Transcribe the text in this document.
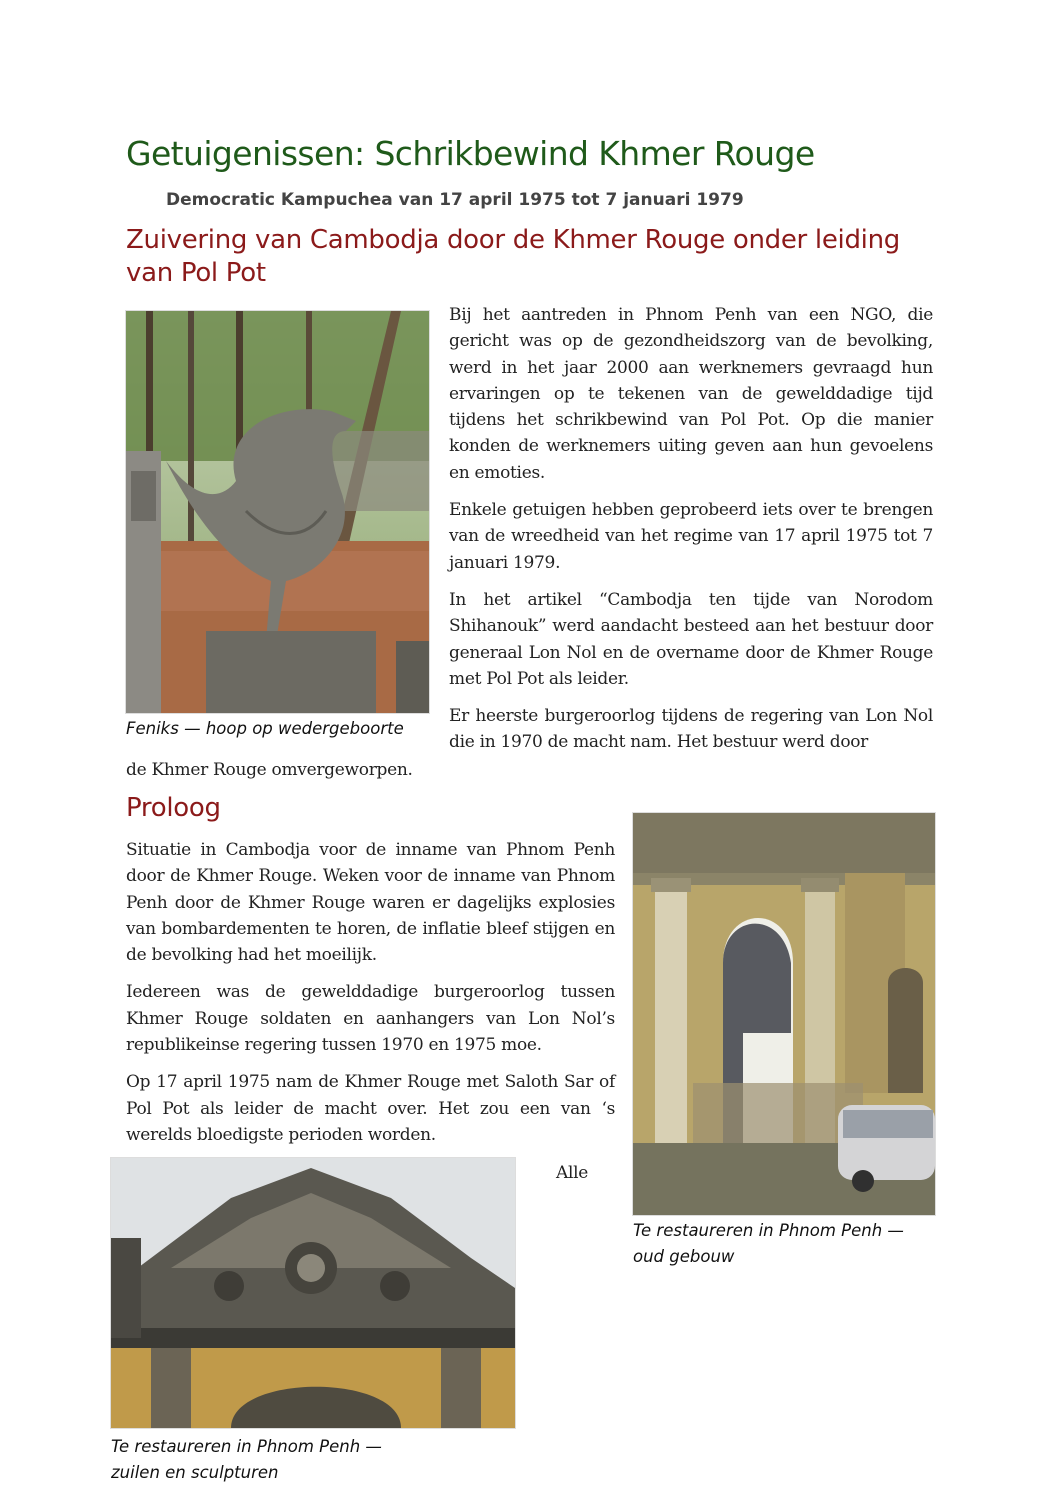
Getuigenissen: Schrikbewind Khmer Rouge
Democratic Kampuchea van 17 april 1975 tot 7 januari 1979
Zuivering van Cambodja door de Khmer Rouge onder leiding van Pol Pot
Feniks — hoop op wedergeboorte

Bij het aantreden in Phnom Penh van een NGO, die gericht was op de gezondheidszorg van de bevolking, werd in het jaar 2000 aan werknemers gevraagd hun ervaringen op te tekenen van de gewelddadige tijd tijdens het schrikbewind van Pol Pot. Op die manier konden de werknemers uiting geven aan hun gevoelens en emoties.

Enkele getuigen hebben geprobeerd iets over te brengen van de wreedheid van het regime van 17 april 1975 tot 7 januari 1979.

In het artikel “Cambodja ten tijde van Norodom Shihanouk” werd aandacht besteed aan het bestuur door generaal Lon Nol en de overname door de Khmer Rouge met Pol Pot als leider.

Er heerste burgeroorlog tijdens de regering van Lon Nol die in 1970 de macht nam. Het bestuur werd door

de Khmer Rouge omvergeworpen.
Proloog

Situatie in Cambodja voor de inname van Phnom Penh door de Khmer Rouge. Weken voor de inname van Phnom Penh door de Khmer Rouge waren er dagelijks explosies van bombardementen te horen, de inflatie bleef stijgen en de bevolking had het moeilijk.

Iedereen was de gewelddadige burgeroorlog tussen Khmer Rouge soldaten en aanhangers van Lon Nol’s republikeinse regering tussen 1970 en 1975 moe.

Op 17 april 1975 nam de Khmer Rouge met Saloth Sar of Pol Pot als leider de macht over. Het zou een van ‘s werelds bloedigste perioden worden.

Alle
Te restaureren in Phnom Penh — oud gebouw
Te restaureren in Phnom Penh — zuilen en sculpturen
